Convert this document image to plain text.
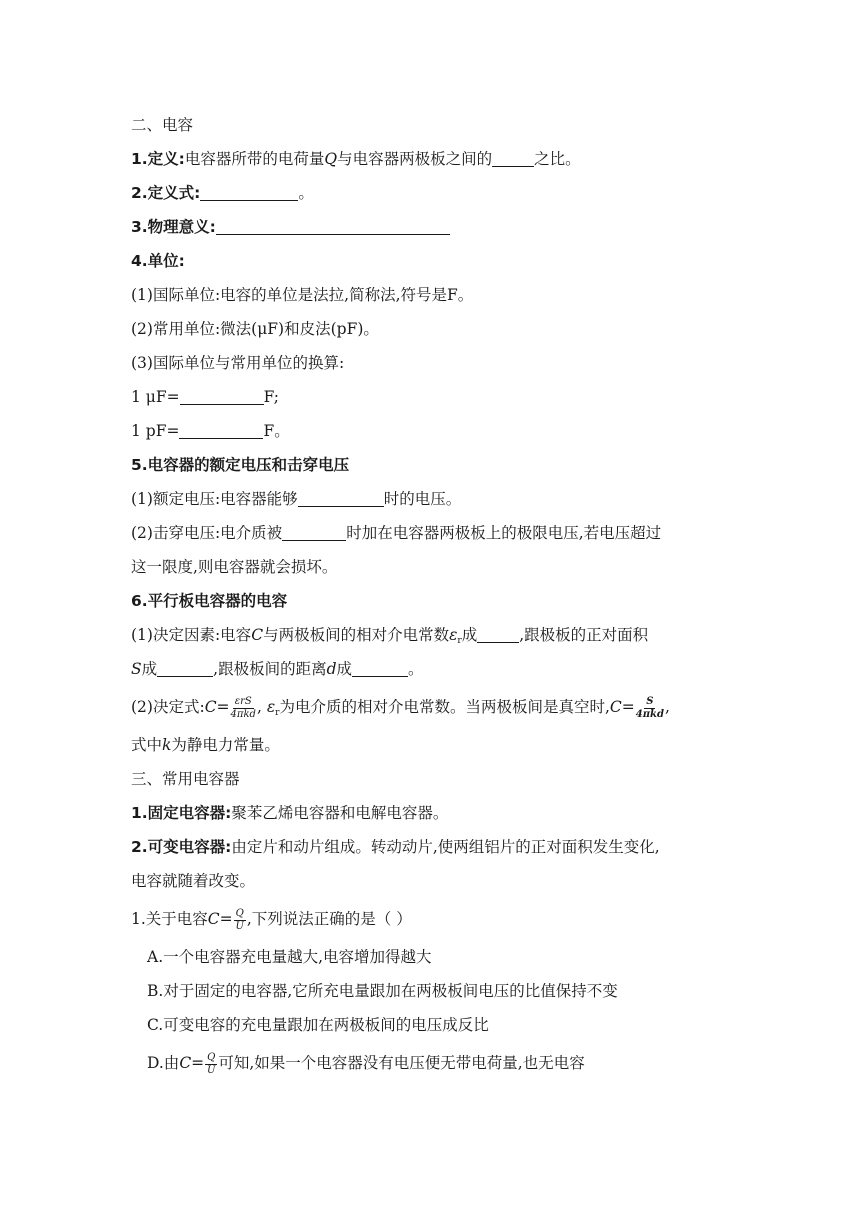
二、电容
1.定义:电容器所带的电荷量Q与电容器两极板之间的	之比。
2.定义式:	。
3.物理意义:
4.单位:
(1)国际单位:电容的单位是法拉,简称法,符号是F。
(2)常用单位:微法(μF)和皮法(pF)。
(3)国际单位与常用单位的换算:
1 μF=	F;
1 pF=	F。
5.电容器的额定电压和击穿电压
(1)额定电压:电容器能够	时的电压。
(2)击穿电压:电介质被	时加在电容器两极板上的极限电压,若电压超过
这一限度,则电容器就会损坏。
6.平行板电容器的电容
(1)决定因素:电容C与两极板间的相对介电常数$\varepsilon_r$成	,跟极板的正对面积
S成	,跟极板间的距离d成	。
(2)决定式:C= $\frac{\text{εrS}}{\text{4πkd}}$ , $\varepsilon_r$为电介质的相对介电常数。当两极板间是真空时$,C= \frac{S}{\text{4πkd}}$ ,
式中k为静电力常量。
三、常用电容器
1.固定电容器:聚苯乙烯电容器和电解电容器。
2.可变电容器:由定片和动片组成。转动动片,使两组铝片的正对面积发生变化,
电容就随着改变。
1.关于电容$C= \frac{Q}{U}$ ,下列说法正确的是（ ）
A.一个电容器充电量越大,电容增加得越大
B.对于固定的电容器,它所充电量跟加在两极板间电压的比值保持不变
C.可变电容的充电量跟加在两极板间的电压成反比
D.由$C= \frac{Q}{U}$ 可知,如果一个电容器没有电压便无带电荷量,也无电容
